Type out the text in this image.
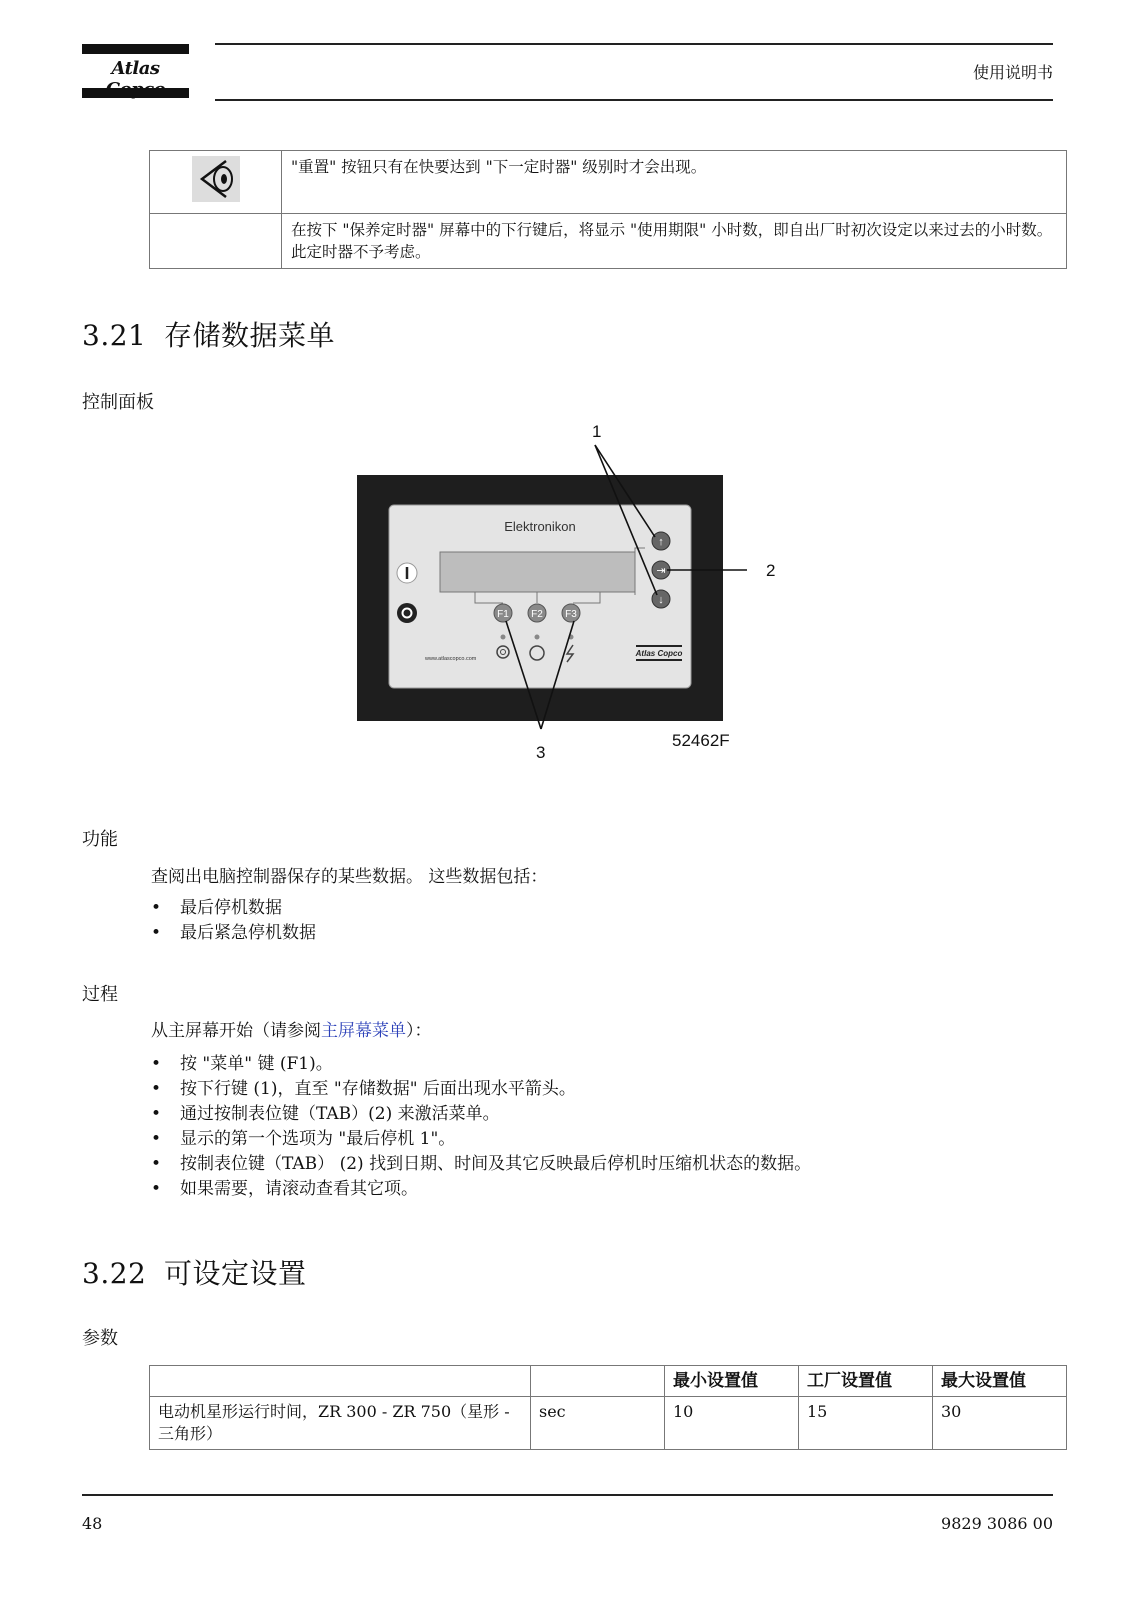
Atlas	使用说明书
	"重置" 按钮只有在快要达到 "下一定时器" 级别时才会出现。
	在按下 "保养定时器" 屏幕中的下行键后，将显示 "使用期限" 小时数，即自出厂时初次设定以来过去的小时数。 此定时器不予考虑。
3.21 存储数据菜单
控制面板
Elektronikon
F1 F2 F3
↑
⇥
↓
www.atlascopco.com
Atlas Copco
1
2
3
52462F
功能
查阅出电脑控制器保存的某些数据。 这些数据包括：
• 最后停机数据
• 最后紧急停机数据
过程
从主屏幕开始（请参阅主屏幕菜单）：
• 按 "菜单" 键 (F1)。
• 按下行键 (1)，直至 "存储数据" 后面出现水平箭头。
• 通过按制表位键（TAB）(2) 来激活菜单。
• 显示的第一个选项为 "最后停机 1"。
• 按制表位键（TAB） (2) 找到日期、时间及其它反映最后停机时压缩机状态的数据。
• 如果需要，请滚动查看其它项。
3.22 可设定设置
参数
		最小设置值	工厂设置值	最大设置值
电动机星形运行时间，ZR 300 - ZR 750（星形 - 三角形）	sec	10	15	30
48	9829 3086 00
